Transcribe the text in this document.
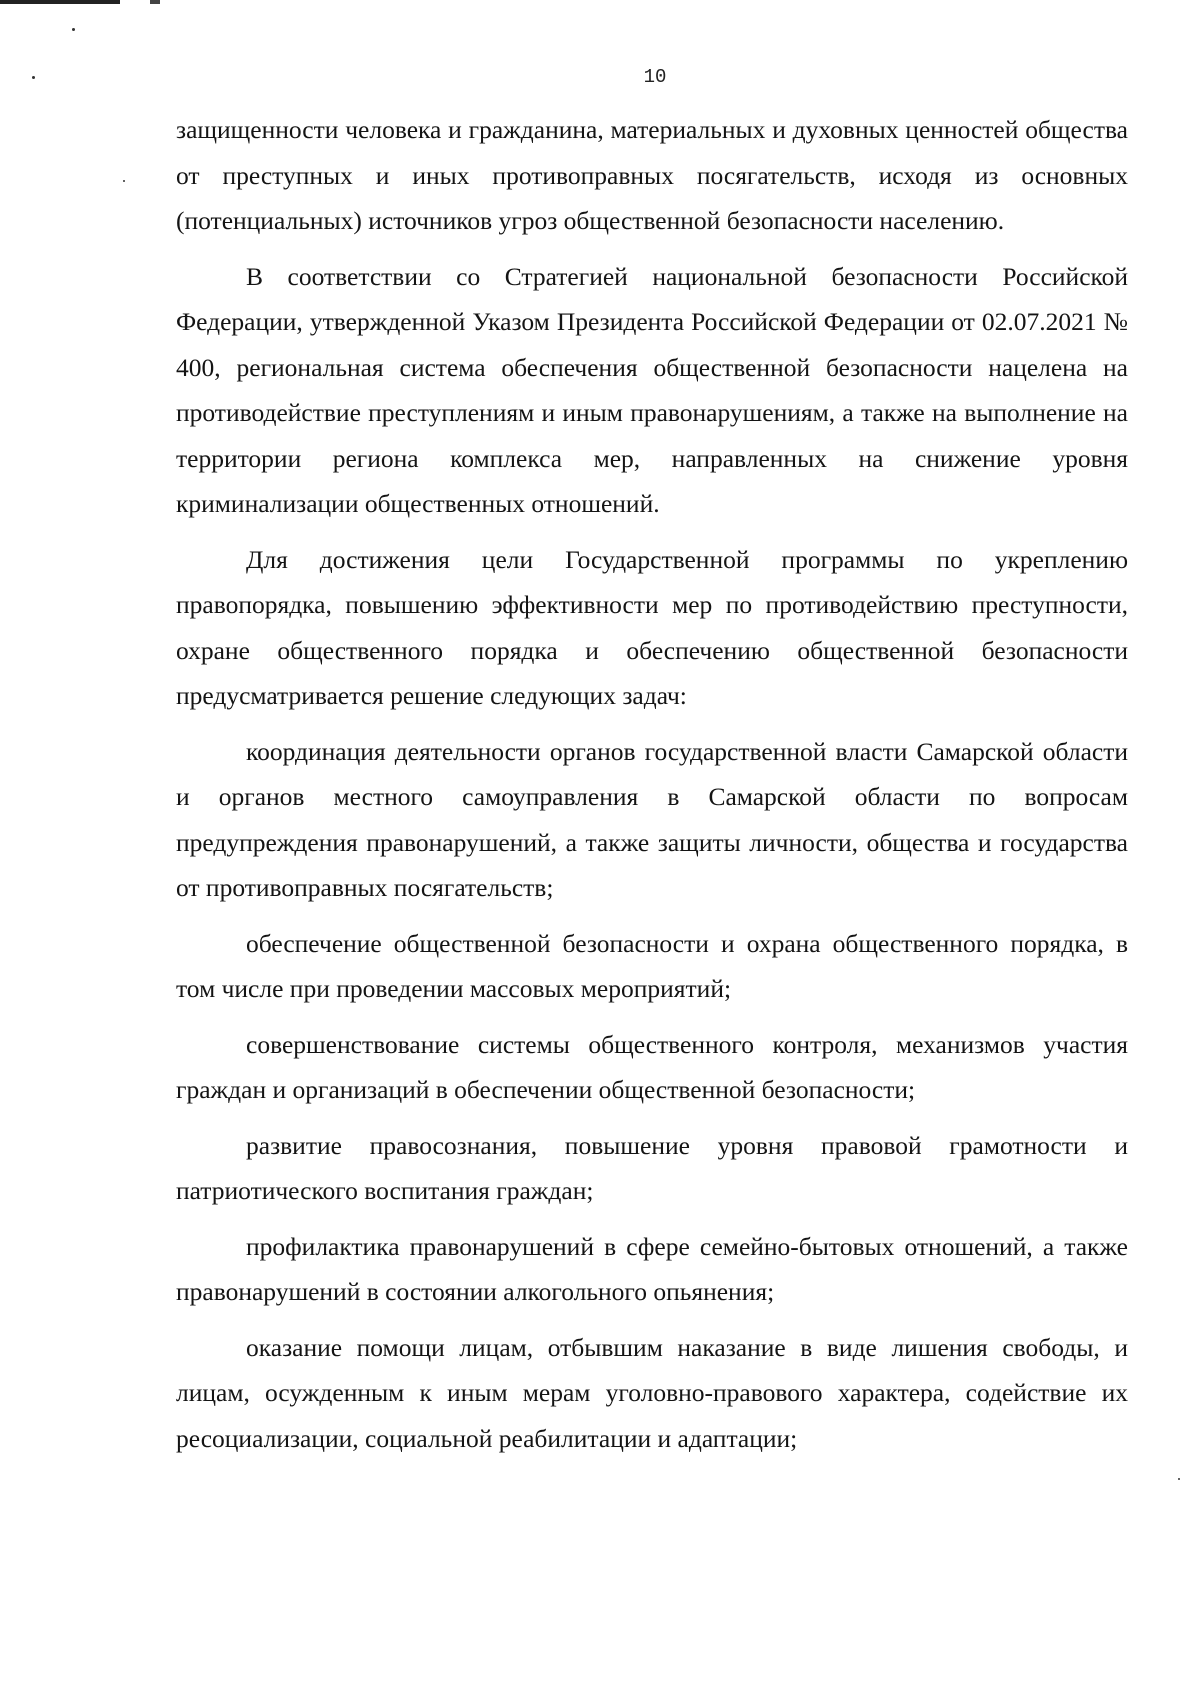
10

защищенности человека и гражданина, материальных и духовных ценностей общества от преступных и иных противоправных посягательств, исходя из основных (потенциальных) источников угроз общественной безопасности населению.

В соответствии со Стратегией национальной безопасности Российской Федерации, утвержденной Указом Президента Российской Федерации от 02.07.2021 № 400, региональная система обеспечения общественной безопасности нацелена на противодействие преступлениям и иным правонарушениям, а также на выполнение на территории региона комплекса мер, направленных на снижение уровня криминализации общественных отношений.

Для достижения цели Государственной программы по укреплению правопорядка, повышению эффективности мер по противодействию преступности, охране общественного порядка и обеспечению общественной безопасности предусматривается решение следующих задач:

координация деятельности органов государственной власти Самарской области и органов местного самоуправления в Самарской области по вопросам предупреждения правонарушений, а также защиты личности, общества и государства от противоправных посягательств;

обеспечение общественной безопасности и охрана общественного порядка, в том числе при проведении массовых мероприятий;

совершенствование системы общественного контроля, механизмов участия граждан и организаций в обеспечении общественной безопасности;

развитие правосознания, повышение уровня правовой грамотности и патриотического воспитания граждан;

профилактика правонарушений в сфере семейно-бытовых отношений, а также правонарушений в состоянии алкогольного опьянения;

оказание помощи лицам, отбывшим наказание в виде лишения свободы, и лицам, осужденным к иным мерам уголовно-правового характера, содействие их ресоциализации, социальной реабилитации и адаптации;
